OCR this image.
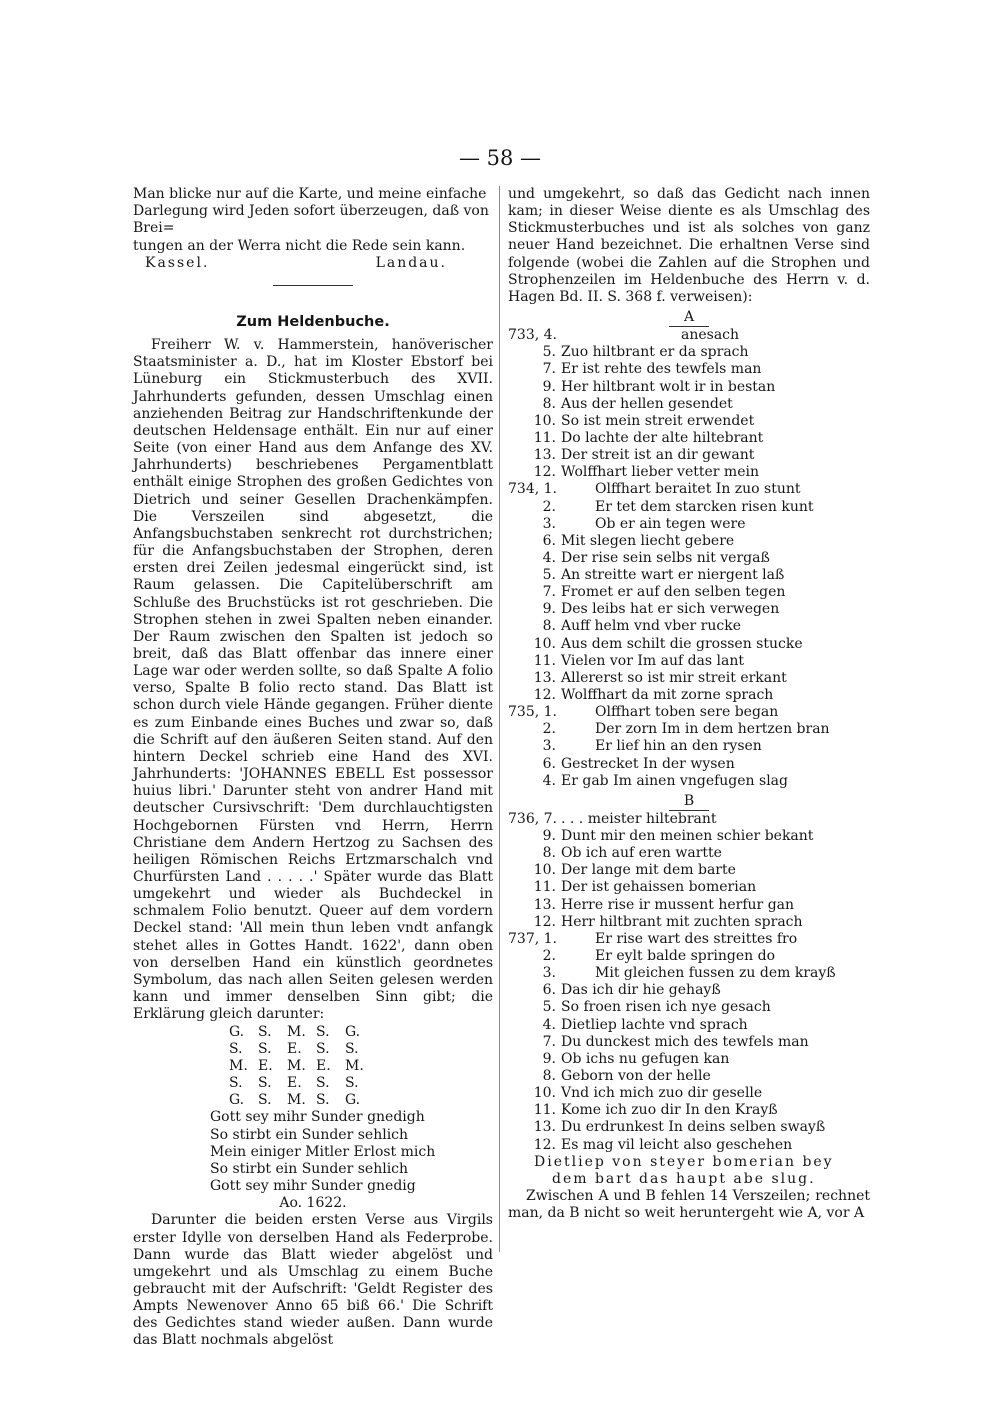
— 58 —
Man blicke nur auf die Karte, und meine einfache
Darlegung wird Jeden sofort überzeugen, daß von Brei=
tungen an der Werra nicht die Rede sein kann.
Kassel.	Landau.
Zum Heldenbuche.

Freiherr W. v. Hammerstein, hanöverischer Staatsminister a. D., hat im Kloster Ebstorf bei Lüneburg ein Stickmusterbuch des XVII. Jahrhunderts gefunden, dessen Umschlag einen anziehenden Beitrag zur Handschriftenkunde der deutschen Heldensage enthält. Ein nur auf einer Seite (von einer Hand aus dem Anfange des XV. Jahrhunderts) beschriebenes Pergamentblatt enthält einige Strophen des großen Gedichtes von Dietrich und seiner Gesellen Drachenkämpfen. Die Verszeilen sind abgesetzt, die Anfangsbuchstaben senkrecht rot durchstrichen; für die Anfangsbuchstaben der Strophen, deren ersten drei Zeilen jedesmal eingerückt sind, ist Raum gelassen. Die Capitelüberschrift am Schluße des Bruchstücks ist rot geschrieben. Die Strophen stehen in zwei Spalten neben einander. Der Raum zwischen den Spalten ist jedoch so breit, daß das Blatt offenbar das innere einer Lage war oder werden sollte, so daß Spalte A folio verso, Spalte B folio recto stand. Das Blatt ist schon durch viele Hände gegangen. Früher diente es zum Einbande eines Buches und zwar so, daß die Schrift auf den äußeren Seiten stand. Auf den hintern Deckel schrieb eine Hand des XVI. Jahrhunderts: 'JOHANNES EBELL Est possessor huius libri.' Darunter steht von andrer Hand mit deutscher Cursivschrift: 'Dem durchlauchtigsten Hochgebornen Fürsten vnd Herrn, Herrn Christiane dem Andern Hertzog zu Sachsen des heiligen Römischen Reichs Ertzmarschalch vnd Churfürsten Land . . . . .' Später wurde das Blatt umgekehrt und wieder als Buchdeckel in schmalem Folio benutzt. Queer auf dem vordern Deckel stand: 'All mein thun leben vndt anfangk stehet alles in Gottes Handt. 1622', dann oben von derselben Hand ein künstlich geordnetes Symbolum, das nach allen Seiten gelesen werden kann und immer denselben Sinn gibt; die Erklärung gleich darunter:

G. S.	M. S.	G.
S.	S.	E.	S.	S.
M. E.	M. E.	M.
S.	S.	E.	S.	S.
G. S.	M. S.	G.
Gott sey mihr Sunder gnedigh
So stirbt ein Sunder sehlich
Mein einiger Mitler Erlost mich
So stirbt ein Sunder sehlich
Gott sey mihr Sunder gnedig
Ao. 1622.

Darunter die beiden ersten Verse aus Virgils erster Idylle von derselben Hand als Federprobe. Dann wurde das Blatt wieder abgelöst und umgekehrt und als Umschlag zu einem Buche gebraucht mit der Aufschrift: 'Geldt Register des Ampts Newenover Anno 65 biß 66.' Die Schrift des Gedichtes stand wieder außen. Dann wurde das Blatt nochmals abgelöst

und umgekehrt, so daß das Gedicht nach innen kam; in dieser Weise diente es als Umschlag des Stickmusterbuches und ist als solches von ganz neuer Hand bezeichnet. Die erhaltnen Verse sind folgende (wobei die Zahlen auf die Strophen und Strophenzeilen im Heldenbuche des Herrn v. d. Hagen Bd. II. S. 368 f. verweisen):

A
733, 4.	anesach
5. Zuo hiltbrant er da sprach
7. Er ist rehte des tewfels man
9. Her hiltbrant wolt ir in bestan
8. Aus der hellen gesendet
10. So ist mein streit erwendet
11. Do lachte der alte hiltebrant
13. Der streit ist an dir gewant
12. Wolffhart lieber vetter mein
734, 1.	Olffhart beraitet In zuo stunt
2.	Er tet dem starcken risen kunt
3.	Ob er ain tegen were
6. Mit slegen liecht gebere
4. Der rise sein selbs nit vergaß
5. An streitte wart er niergent laß
7. Fromet er auf den selben tegen
9. Des leibs hat er sich verwegen
8. Auff helm vnd vber rucke
10. Aus dem schilt die grossen stucke
11. Vielen vor Im auf das lant
13. Allererst so ist mir streit erkant
12. Wolffhart da mit zorne sprach
735, 1.	Olffhart toben sere began
2.	Der zorn Im in dem hertzen bran
3.	Er lief hin an den rysen
6. Gestrecket In der wysen
4. Er gab Im ainen vngefugen slag
B
736, 7. . . . meister hiltebrant
9. Dunt mir den meinen schier bekant
8. Ob ich auf eren wartte
10. Der lange mit dem barte
11. Der ist gehaissen bomerian
13. Herre rise ir mussent herfur gan
12. Herr hiltbrant mit zuchten sprach
737, 1.	Er rise wart des streittes fro
2.	Er eylt balde springen do
3.	Mit gleichen fussen zu dem krayß
6. Das ich dir hie gehayß
5. So froen risen ich nye gesach
4. Dietliep lachte vnd sprach
7. Du dunckest mich des tewfels man
9. Ob ichs nu gefugen kan
8. Geborn von der helle
10. Vnd ich mich zuo dir geselle
11. Kome ich zuo dir In den Krayß
13. Du erdrunkest In deins selben swayß
12. Es mag vil leicht also geschehen
Dietliep von steyer bomerian bey
dem bart das haupt abe slug.

Zwischen A und B fehlen 14 Verszeilen; rechnet man, da B nicht so weit heruntergeht wie A, vor A
